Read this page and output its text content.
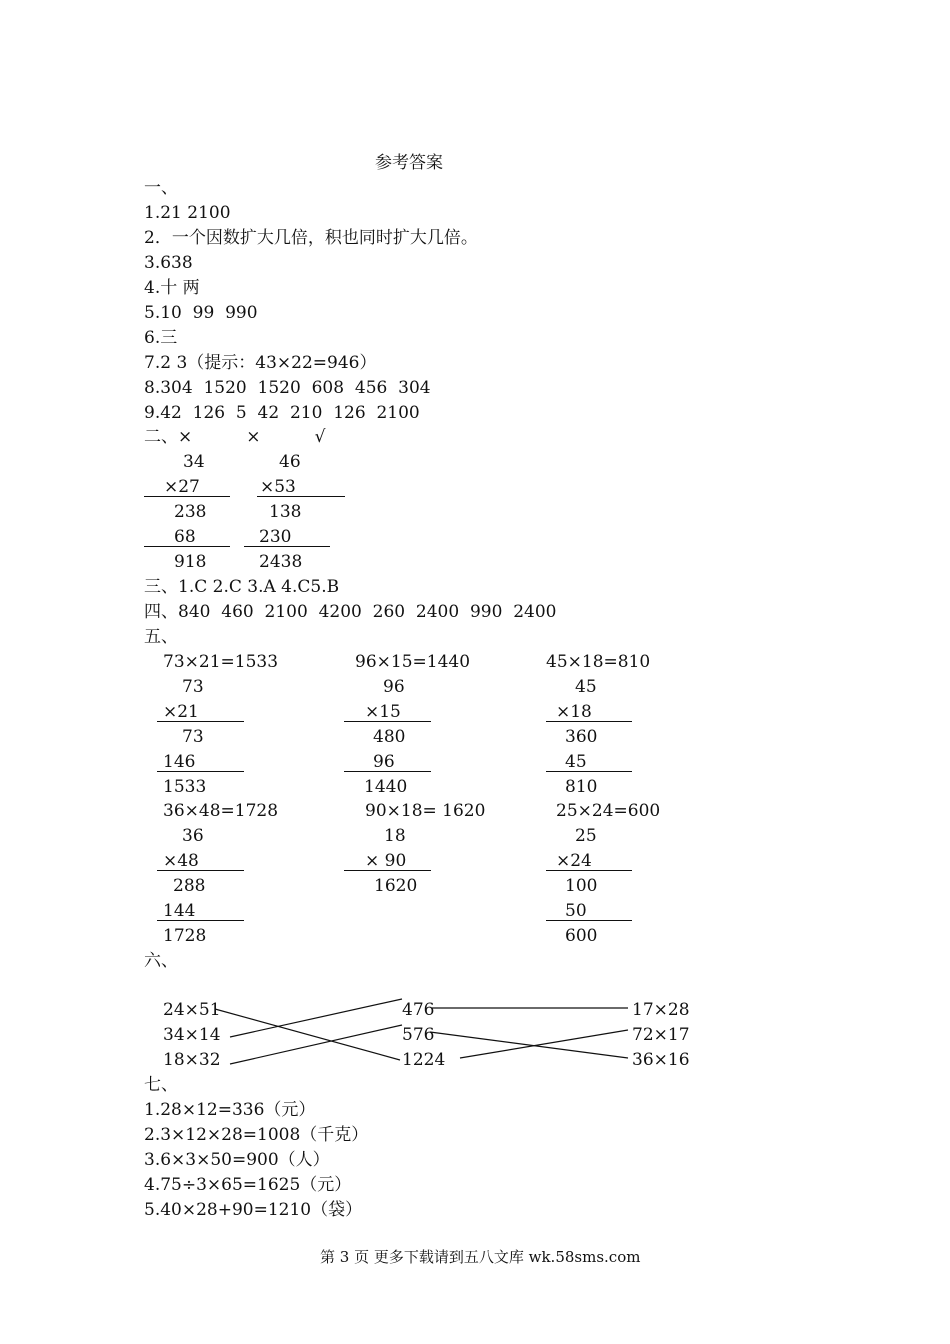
参考答案
一、
1.21 2100
2．一个因数扩大几倍，积也同时扩大几倍。
3.638
4.十 两
5.10  99  990
6.三
7.2 3（提示：43×22=946）
8.304  1520  1520  608  456  304
9.42  126  5  42  210  126  2100
二、×          ×          √
34
×27
238
68
918
46
×53
138
230
2438
三、1.C 2.C 3.A 4.C5.B
四、840  460  2100  4200  260  2400  990  2400
五、
73×21=1533
73
×21
73
146
1533
96×15=1440
96
×15
480
96
1440
45×18=810
45
×18
360
45
810
36×48=1728
36
×48
288
144
1728
90×18= 1620
18
× 90
1620
25×24=600
25
×24
100
50
600
六、
24×51
34×14
18×32
476
576
1224
17×28
72×17
36×16
七、
1.28×12=336（元）
2.3×12×28=1008（千克）
3.6×3×50=900（人）
4.75÷3×65=1625（元）
5.40×28+90=1210（袋）
第 3 页 更多下载请到五八文库 wk.58sms.com
